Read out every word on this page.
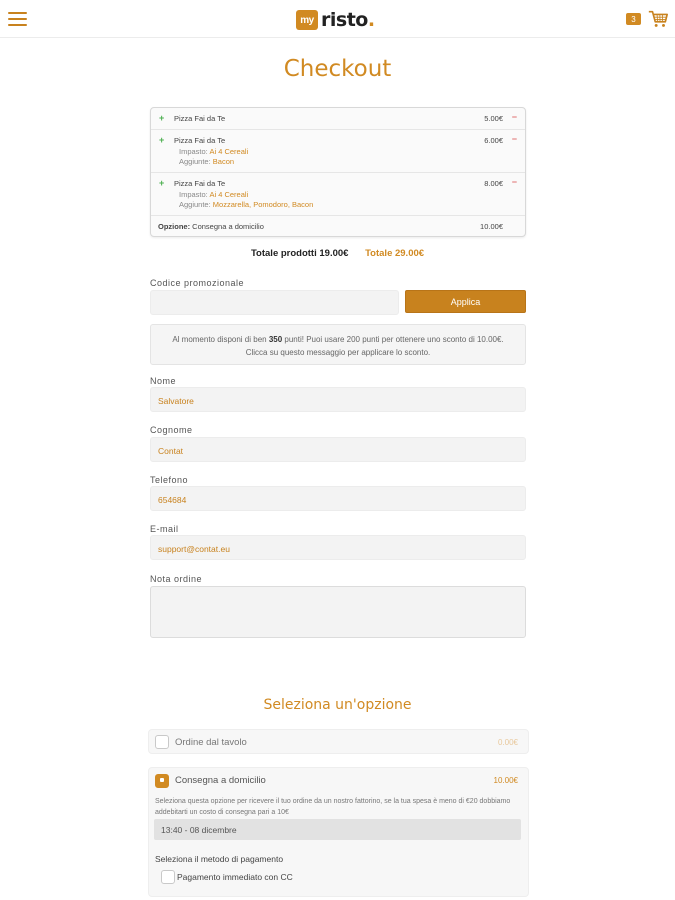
my risto.	3
Checkout
+ Pizza Fai da Te	5.00€ −
+ Pizza Fai da Te
Impasto: Ai 4 Cereali
Aggiunte: Bacon
6.00€ −
+ Pizza Fai da Te
Impasto: Ai 4 Cereali
Aggiunte: Mozzarella, Pomodoro, Bacon
8.00€ −
Opzione: Consegna a domicilio	10.00€
Totale prodotti 19.00€ Totale 29.00€
Codice promozionale
Applica
Al momento disponi di ben 350 punti! Puoi usare 200 punti per ottenere uno sconto di 10.00€. Clicca su questo messaggio per applicare lo sconto.
Nome
Salvatore
Cognome
Contat
Telefono
654684
E-mail
support@contat.eu
Nota ordine
Seleziona un'opzione
Ordine dal tavolo	0.00€
Consegna a domicilio	10.00€
Seleziona questa opzione per ricevere il tuo ordine da un nostro fattorino, se la tua spesa è meno di €20 dobbiamo addebitarti un costo di consegna pari a 10€
13:40 - 08 dicembre
Seleziona il metodo di pagamento
Pagamento immediato con CC
